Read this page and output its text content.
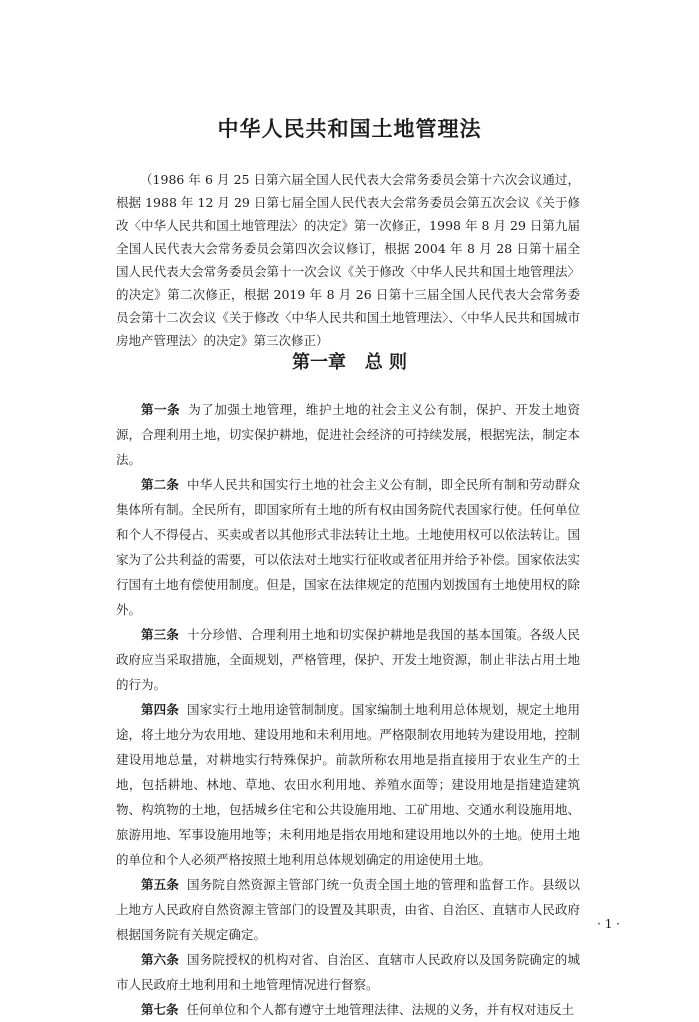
中华人民共和国土地管理法

（1986 年 6 月 25 日第六届全国人民代表大会常务委员会第十六次会议通过，根据 1988 年 12 月 29 日第七届全国人民代表大会常务委员会第五次会议《关于修改〈中华人民共和国土地管理法〉的决定》第一次修正，1998 年 8 月 29 日第九届全国人民代表大会常务委员会第四次会议修订，根据 2004 年 8 月 28 日第十届全国人民代表大会常务委员会第十一次会议《关于修改〈中华人民共和国土地管理法〉的决定》第二次修正，根据 2019 年 8 月 26 日第十三届全国人民代表大会常务委员会第十二次会议《关于修改〈中华人民共和国土地管理法〉、〈中华人民共和国城市房地产管理法〉的决定》第三次修正）

第一章   总 则

第一条 为了加强土地管理，维护土地的社会主义公有制，保护、开发土地资源，合理利用土地，切实保护耕地，促进社会经济的可持续发展，根据宪法，制定本法。

第二条 中华人民共和国实行土地的社会主义公有制，即全民所有制和劳动群众集体所有制。全民所有，即国家所有土地的所有权由国务院代表国家行使。任何单位和个人不得侵占、买卖或者以其他形式非法转让土地。土地使用权可以依法转让。国家为了公共利益的需要，可以依法对土地实行征收或者征用并给予补偿。国家依法实行国有土地有偿使用制度。但是，国家在法律规定的范围内划拨国有土地使用权的除外。

第三条 十分珍惜、合理利用土地和切实保护耕地是我国的基本国策。各级人民政府应当采取措施，全面规划，严格管理，保护、开发土地资源，制止非法占用土地的行为。

第四条 国家实行土地用途管制制度。国家编制土地利用总体规划，规定土地用途，将土地分为农用地、建设用地和未利用地。严格限制农用地转为建设用地，控制建设用地总量，对耕地实行特殊保护。前款所称农用地是指直接用于农业生产的土地，包括耕地、林地、草地、农田水利用地、养殖水面等；建设用地是指建造建筑物、构筑物的土地，包括城乡住宅和公共设施用地、工矿用地、交通水利设施用地、旅游用地、军事设施用地等；未利用地是指农用地和建设用地以外的土地。使用土地的单位和个人必须严格按照土地利用总体规划确定的用途使用土地。

第五条 国务院自然资源主管部门统一负责全国土地的管理和监督工作。县级以上地方人民政府自然资源主管部门的设置及其职责，由省、自治区、直辖市人民政府根据国务院有关规定确定。

第六条 国务院授权的机构对省、自治区、直辖市人民政府以及国务院确定的城市人民政府土地利用和土地管理情况进行督察。

第七条 任何单位和个人都有遵守土地管理法律、法规的义务，并有权对违反土

· 1 ·
